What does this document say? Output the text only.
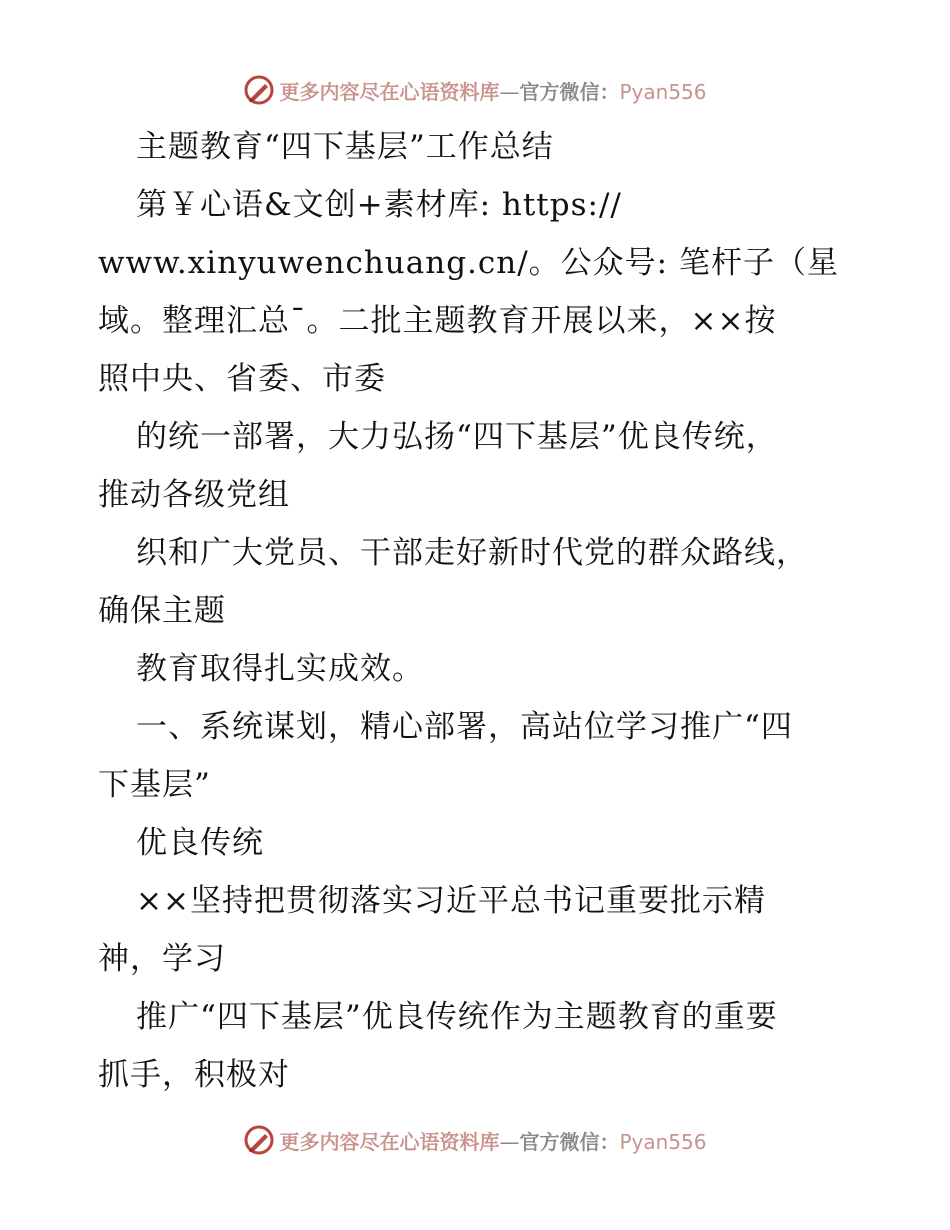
更多内容尽在心语资料库—官方微信：Pyan556
主题教育“四下基层”工作总结
第￥心语&文创+素材库: https://
www.xinyuwenchuang.cn/。公众号: 笔杆子（星
域。整理汇总¯。二批主题教育开展以来，××按
照中央、省委、市委
的统一部署，大力弘扬“四下基层”优良传统，
推动各级党组
织和广大党员、干部走好新时代党的群众路线，
确保主题
教育取得扎实成效。
一、系统谋划，精心部署，高站位学习推广“四
下基层”
优良传统
××坚持把贯彻落实习近平总书记重要批示精
神，学习
推广“四下基层”优良传统作为主题教育的重要
抓手，积极对
更多内容尽在心语资料库—官方微信：Pyan556
